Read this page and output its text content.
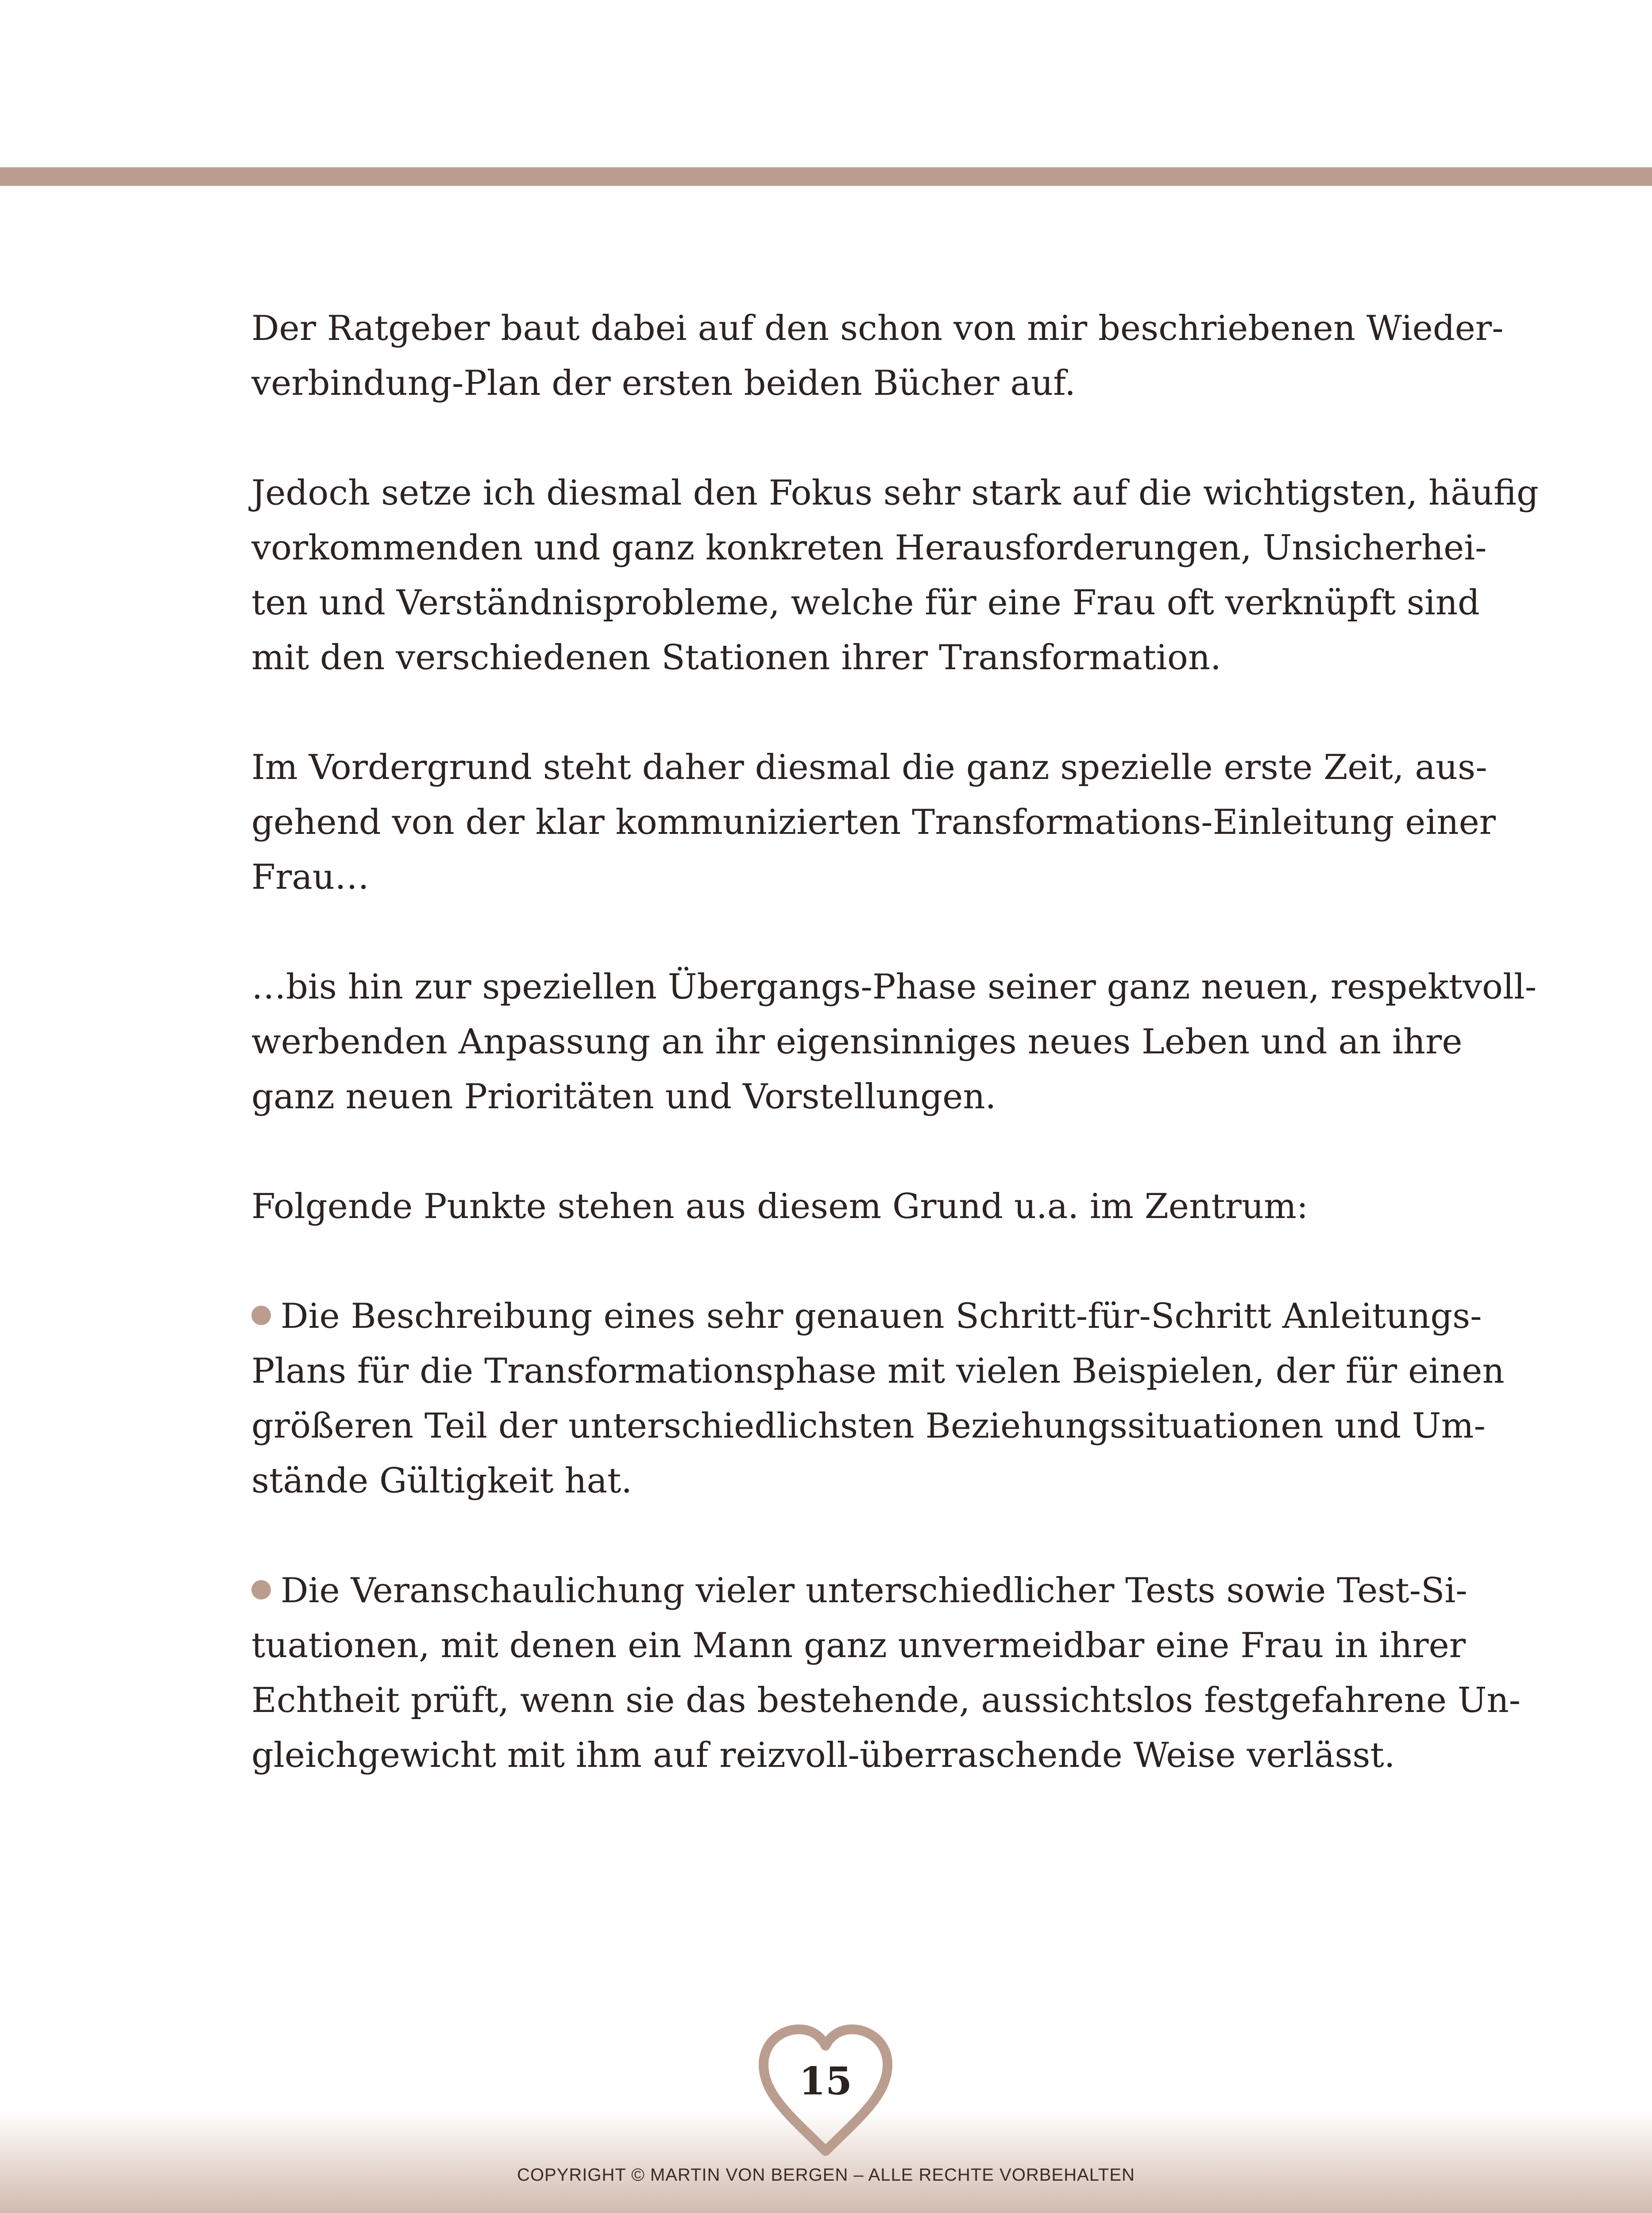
Der Ratgeber baut dabei auf den schon von mir beschriebenen Wieder-
verbindung-Plan der ersten beiden Bücher auf.

Jedoch setze ich diesmal den Fokus sehr stark auf die wichtigsten, häufig
vorkommenden und ganz konkreten Herausforderungen, Unsicherhei-
ten und Verständnisprobleme, welche für eine Frau oft verknüpft sind
mit den verschiedenen Stationen ihrer Transformation.

Im Vordergrund steht daher diesmal die ganz spezielle erste Zeit, aus-
gehend von der klar kommunizierten Transformations-Einleitung einer
Frau…

…bis hin zur speziellen Übergangs-Phase seiner ganz neuen, respektvoll-
werbenden Anpassung an ihr eigensinniges neues Leben und an ihre
ganz neuen Prioritäten und Vorstellungen.

Folgende Punkte stehen aus diesem Grund u.a. im Zentrum:

Die Beschreibung eines sehr genauen Schritt-für-Schritt Anleitungs-
Plans für die Transformationsphase mit vielen Beispielen, der für einen
größeren Teil der unterschiedlichsten Beziehungssituationen und Um-
stände Gültigkeit hat.

Die Veranschaulichung vieler unterschiedlicher Tests sowie Test-Si-
tuationen, mit denen ein Mann ganz unvermeidbar eine Frau in ihrer
Echtheit prüft, wenn sie das bestehende, aussichtslos festgefahrene Un-
gleichgewicht mit ihm auf reizvoll-überraschende Weise verlässt.

15
COPYRIGHT © MARTIN VON BERGEN – ALLE RECHTE VORBEHALTEN
